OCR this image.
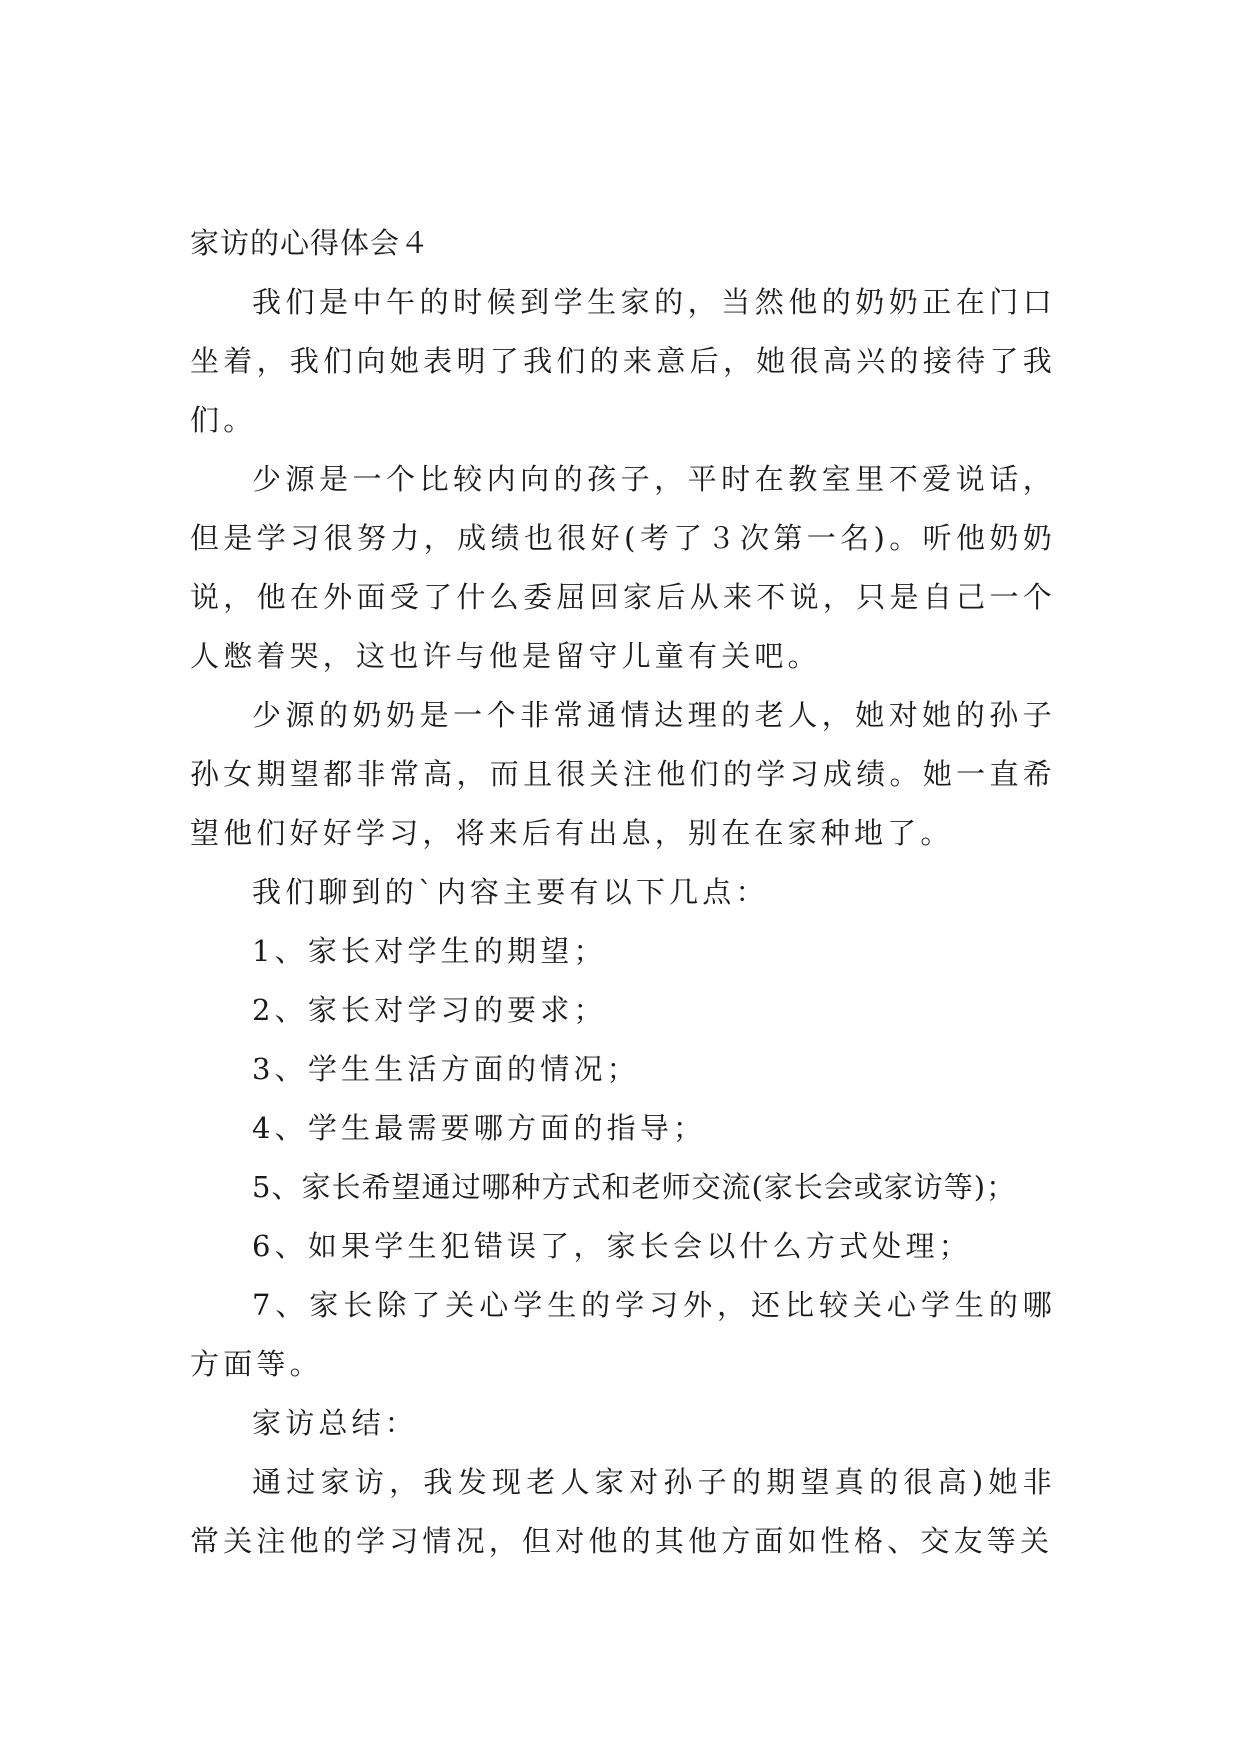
家访的心得体会４

我们是中午的时候到学生家的，当然他的奶奶正在门口坐着，我们向她表明了我们的来意后，她很高兴的接待了我们。

少源是一个比较内向的孩子，平时在教室里不爱说话，但是学习很努力，成绩也很好(考了３次第一名)。听他奶奶说，他在外面受了什么委屈回家后从来不说，只是自己一个人憋着哭，这也许与他是留守儿童有关吧。

少源的奶奶是一个非常通情达理的老人，她对她的孙子孙女期望都非常高，而且很关注他们的学习成绩。她一直希望他们好好学习，将来后有出息，别在在家种地了。

我们聊到的`内容主要有以下几点：

1、家长对学生的期望；

2、家长对学习的要求；

3、学生生活方面的情况；

4、学生最需要哪方面的指导；

5、家长希望通过哪种方式和老师交流(家长会或家访等)；

6、如果学生犯错误了，家长会以什么方式处理；

7、家长除了关心学生的学习外，还比较关心学生的哪方面等。

家访总结：

通过家访，我发现老人家对孙子的期望真的很高)她非常关注他的学习情况，但对他的其他方面如性格、交友等关
